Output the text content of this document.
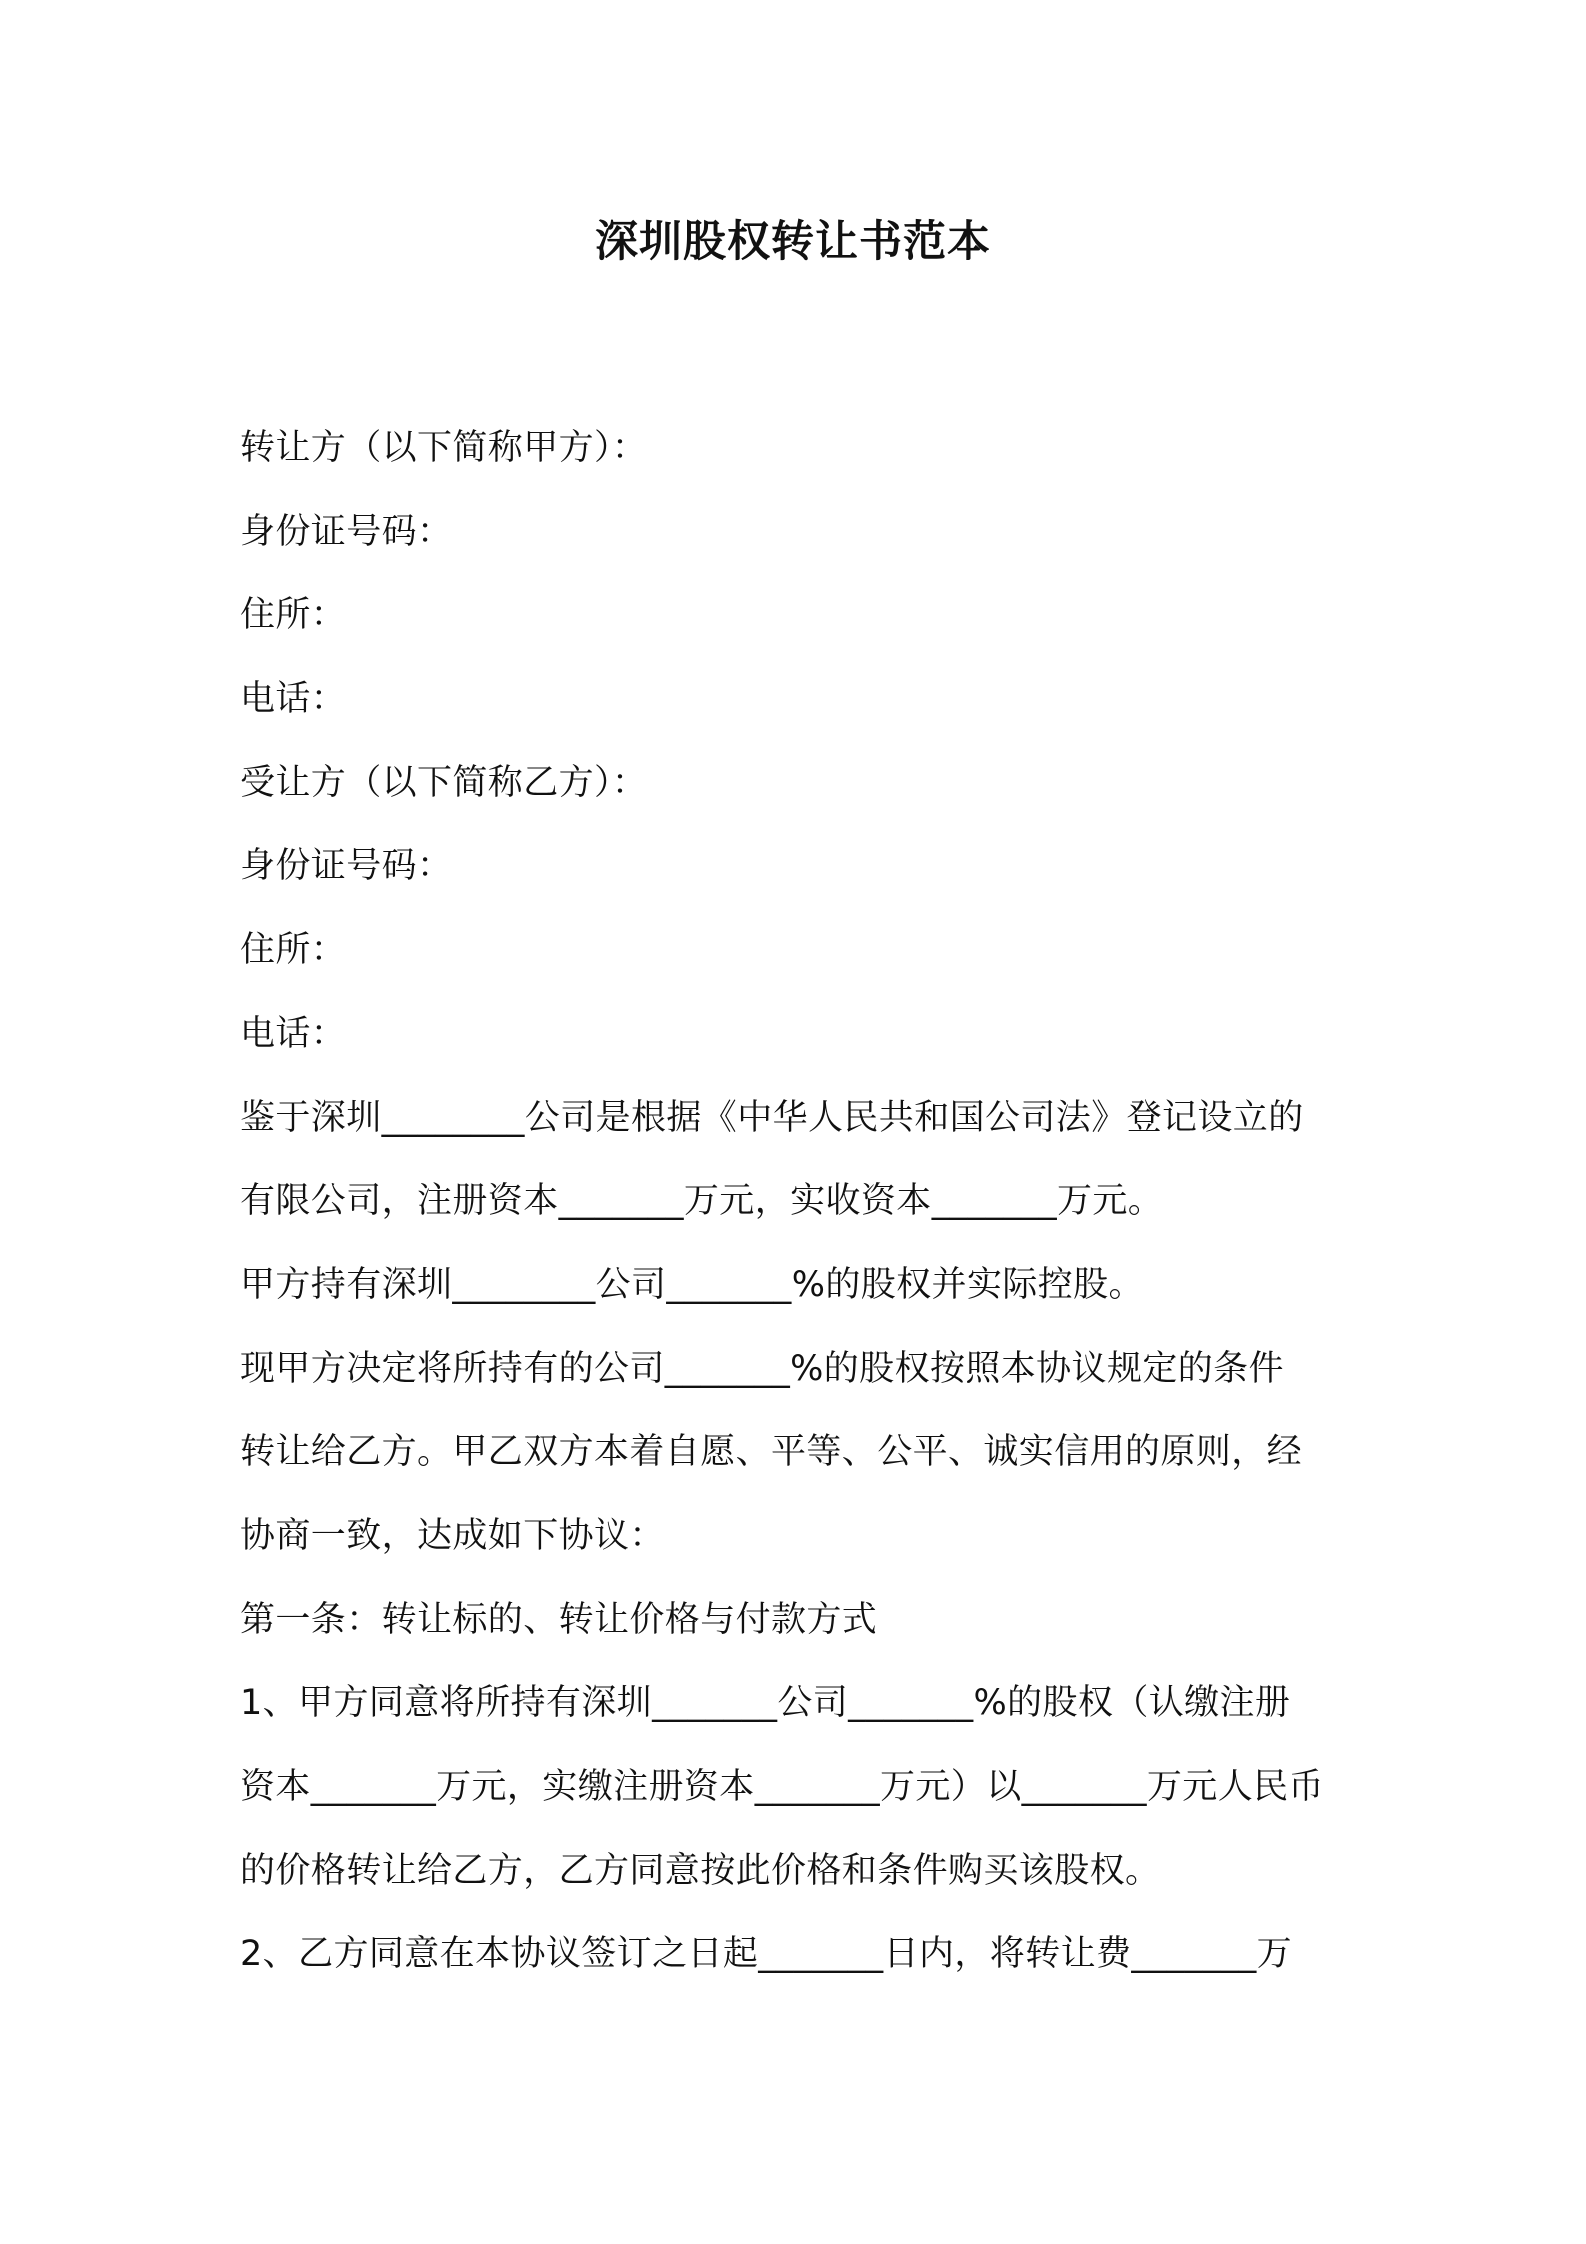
深圳股权转让书范本
转让方（以下简称甲方）：
身份证号码：
住所：
电话：
受让方（以下简称乙方）：
身份证号码：
住所：
电话：
鉴于深圳________公司是根据《中华人民共和国公司法》登记设立的
有限公司，注册资本_______万元，实收资本_______万元。
甲方持有深圳________公司_______%的股权并实际控股。
现甲方决定将所持有的公司_______%的股权按照本协议规定的条件
转让给乙方。甲乙双方本着自愿、平等、公平、诚实信用的原则，经
协商一致，达成如下协议：
第一条：转让标的、转让价格与付款方式
1、甲方同意将所持有深圳_______公司_______%的股权（认缴注册
资本_______万元，实缴注册资本_______万元）以_______万元人民币
的价格转让给乙方，乙方同意按此价格和条件购买该股权。
2、乙方同意在本协议签订之日起_______日内，将转让费_______万
